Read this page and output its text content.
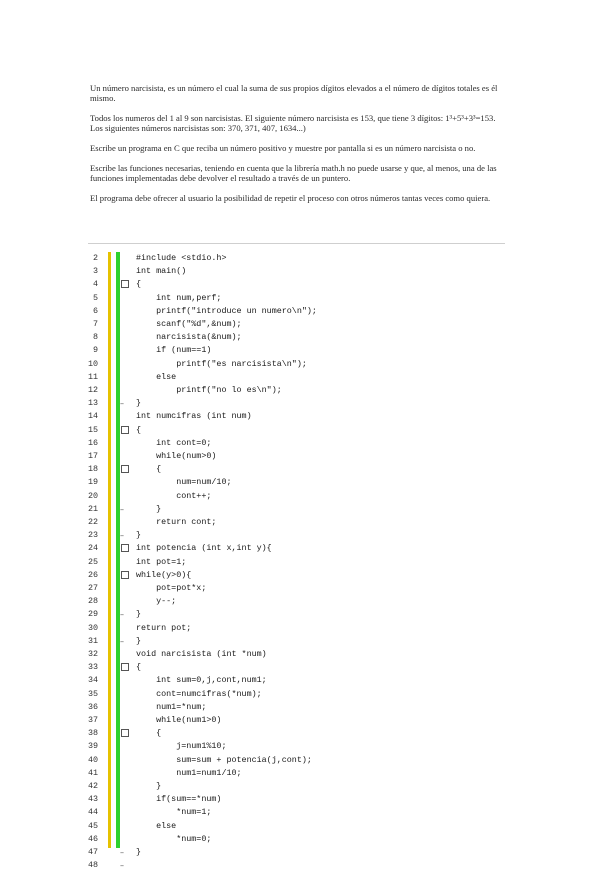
Un número narcisista, es un número el cual la suma de sus propios dígitos elevados a el número de dígitos totales es él mismo.

Todos los numeros del 1 al 9 son narcisistas. El siguiente número narcisista es 153, que tiene 3 dígitos: 1³+5³+3³=153. Los siguientes números narcisistas son: 370, 371, 407, 1634...)

Escribe un programa en C que reciba un número positivo y muestre por pantalla si es un número narcisista o no.

Escribe las funciones necesarias, teniendo en cuenta que la librería math.h no puede usarse y que, al menos, una de las funciones implementadas debe devolver el resultado a través de un puntero.

El programa debe ofrecer al usuario la posibilidad de repetir el proceso con otros números tantas veces como quiera.

2	#include <stdio.h>
3	int main()
4	{
5	int num,perf;
6	printf("introduce un numero\n");
7	scanf("%d",&num);
8	narcisista(&num);
9	if (num==1)
10	printf("es narcisista\n");
11	else
12	printf("no lo es\n");
13	–	}
14	int numcifras (int num)
15	{
16	int cont=0;
17	while(num>0)
18	{
19	num=num/10;
20	cont++;
21	–	}
22	return cont;
23	–	}
24	int potencia (int x,int y){
25	int pot=1;
26	while(y>0){
27	pot=pot*x;
28	y--;
29	–	}
30	return pot;
31	–	}
32	void narcisista (int *num)
33	{
34	int sum=0,j,cont,num1;
35	cont=numcifras(*num);
36	num1=*num;
37	while(num1>0)
38	{
39	j=num1%10;
40	sum=sum + potencia(j,cont);
41	num1=num1/10;
42	}
43	if(sum==*num)
44	*num=1;
45	else
46	*num=0;
47	–	}
48	–
